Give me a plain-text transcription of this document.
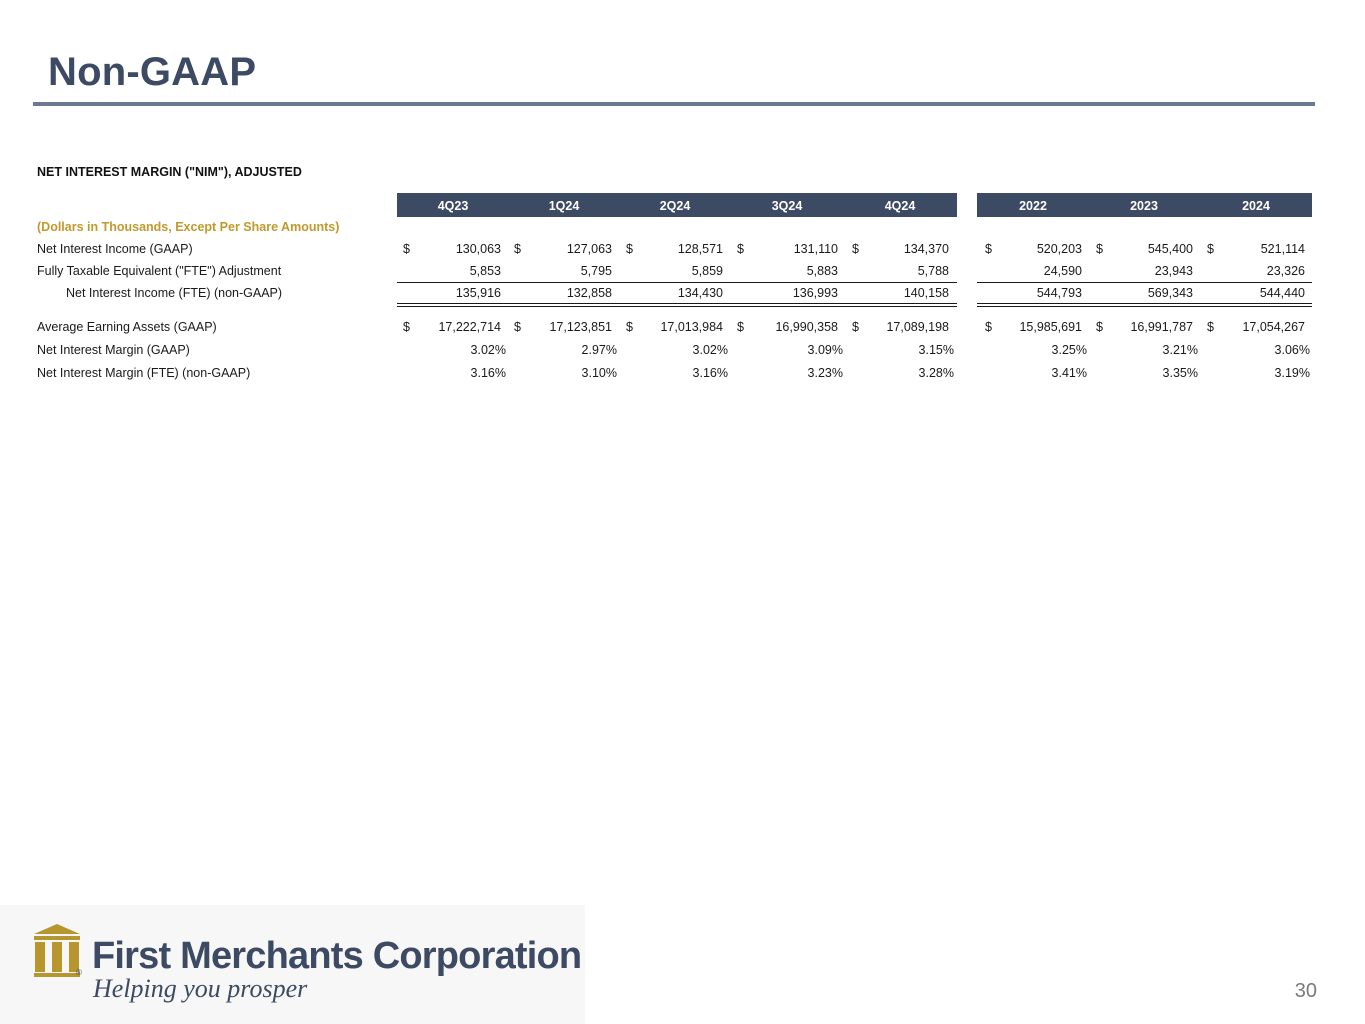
Non-GAAP
NET INTEREST MARGIN ("NIM"), ADJUSTED
4Q23	1Q24	2Q24	3Q24	4Q24	2022	2023	2024
(Dollars in Thousands, Except Per Share Amounts)
Net Interest Income (GAAP)	$	130,063 $	127,063 $	128,571 $	131,110 $	134,370	$	520,203 $	545,400 $	521,114
Fully Taxable Equivalent ("FTE") Adjustment	5,853	5,795	5,859	5,883	5,788	24,590	23,943	23,326
Net Interest Income (FTE) (non-GAAP)	135,916	132,858	134,430	136,993	140,158	544,793	569,343	544,440
Average Earning Assets (GAAP)	$	17,222,714 $	17,123,851 $	17,013,984 $	16,990,358 $	17,089,198	$	15,985,691 $	16,991,787 $	17,054,267
Net Interest Margin (GAAP)	3.02%	2.97%	3.02%	3.09%	3.15%	3.25%	3.21%	3.06%
Net Interest Margin (FTE) (non-GAAP)	3.16%	3.10%	3.16%	3.23%	3.28%	3.41%	3.35%	3.19%
® First Merchants Corporation
Helping you prosper	30
